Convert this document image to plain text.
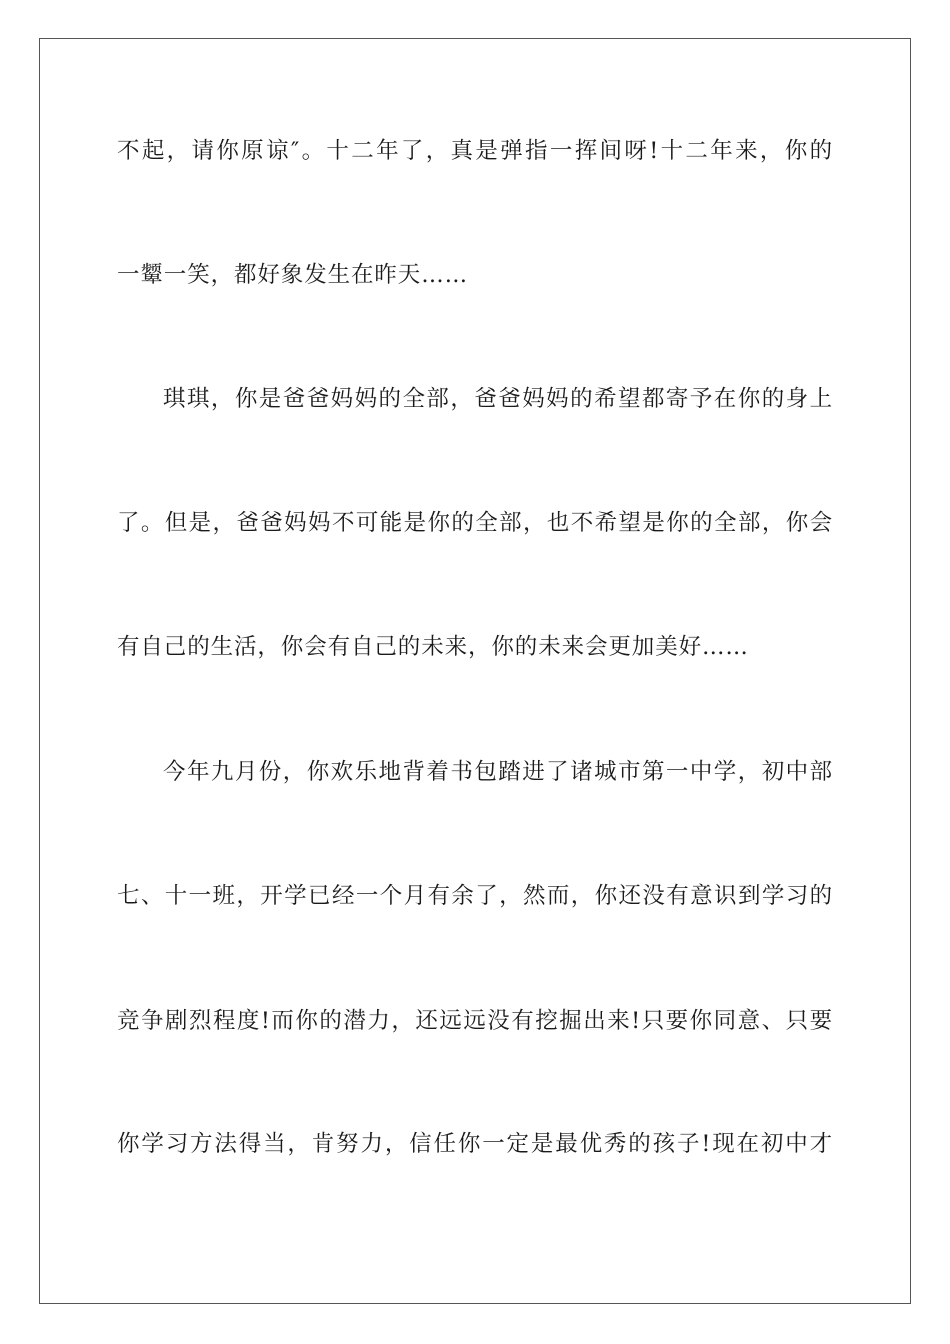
不起，请你原谅″。十二年了，真是弹指一挥间呀!十二年来，你的
一颦一笑，都好象发生在昨天……
琪琪，你是爸爸妈妈的全部，爸爸妈妈的希望都寄予在你的身上
了。但是，爸爸妈妈不可能是你的全部，也不希望是你的全部，你会
有自己的生活，你会有自己的未来，你的未来会更加美好……
今年九月份，你欢乐地背着书包踏进了诸城市第一中学，初中部
七、十一班，开学已经一个月有余了，然而，你还没有意识到学习的
竞争剧烈程度!而你的潜力，还远远没有挖掘出来!只要你同意、只要
你学习方法得当，肯努力，信任你一定是最优秀的孩子!现在初中才
